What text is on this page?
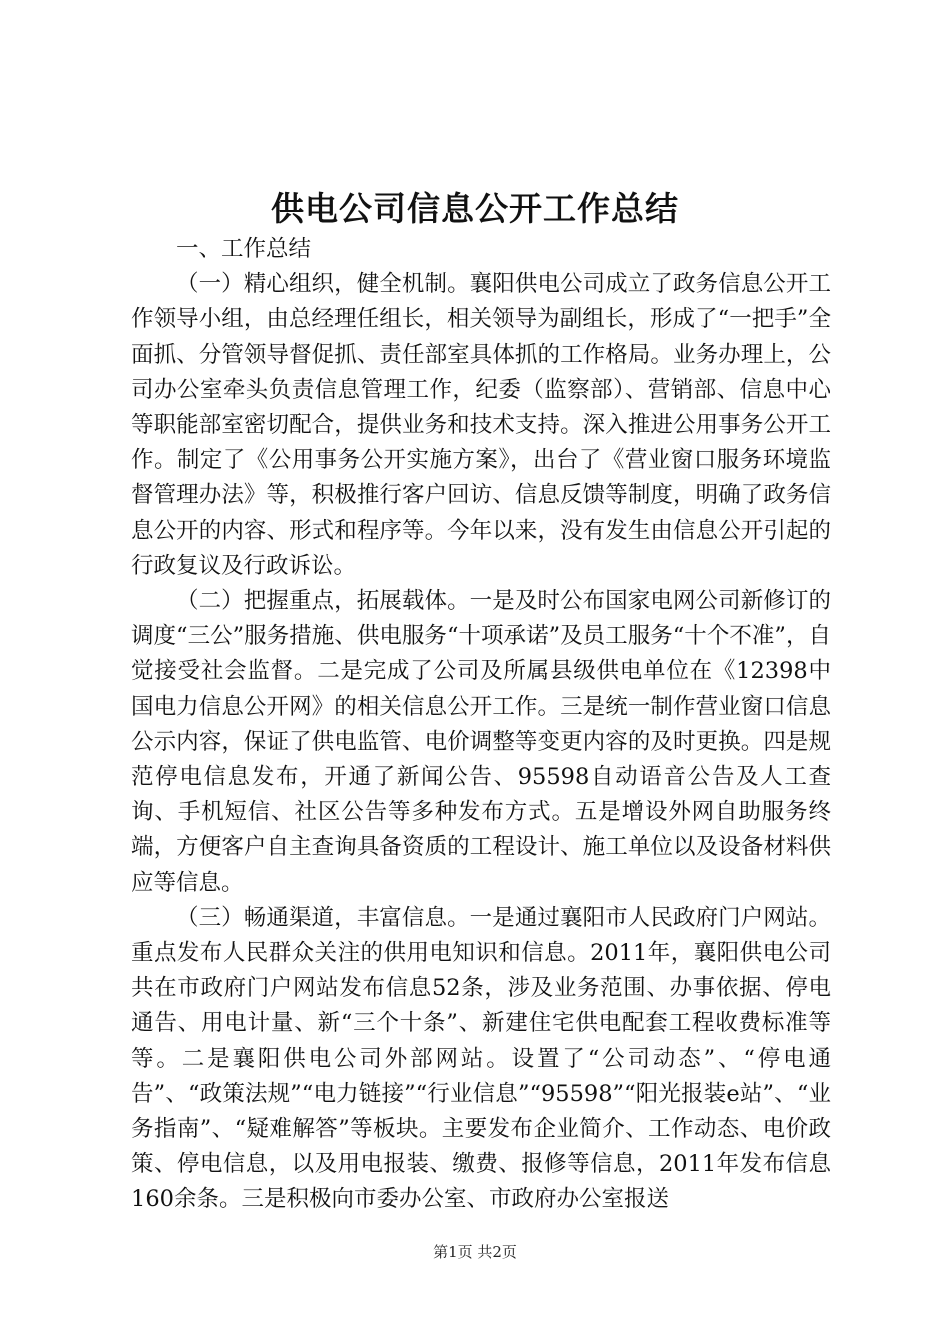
供电公司信息公开工作总结

一、工作总结

（一）精心组织，健全机制。襄阳供电公司成立了政务信息公开工作领导小组，由总经理任组长，相关领导为副组长，形成了“一把手”全面抓、分管领导督促抓、责任部室具体抓的工作格局。业务办理上，公司办公室牵头负责信息管理工作，纪委（监察部）、营销部、信息中心等职能部室密切配合，提供业务和技术支持。深入推进公用事务公开工作。制定了《公用事务公开实施方案》，出台了《营业窗口服务环境监督管理办法》等，积极推行客户回访、信息反馈等制度，明确了政务信息公开的内容、形式和程序等。今年以来，没有发生由信息公开引起的行政复议及行政诉讼。

（二）把握重点，拓展载体。一是及时公布国家电网公司新修订的调度“三公”服务措施、供电服务“十项承诺”及员工服务“十个不准”，自觉接受社会监督。二是完成了公司及所属县级供电单位在《12398中国电力信息公开网》的相关信息公开工作。三是统一制作营业窗口信息公示内容，保证了供电监管、电价调整等变更内容的及时更换。四是规范停电信息发布，开通了新闻公告、95598自动语音公告及人工查询、手机短信、社区公告等多种发布方式。五是增设外网自助服务终端，方便客户自主查询具备资质的工程设计、施工单位以及设备材料供应等信息。

（三）畅通渠道，丰富信息。一是通过襄阳市人民政府门户网站。重点发布人民群众关注的供用电知识和信息。2011年，襄阳供电公司共在市政府门户网站发布信息52条，涉及业务范围、办事依据、停电通告、用电计量、新“三个十条”、新建住宅供电配套工程收费标准等等。二是襄阳供电公司外部网站。设置了“公司动态”、“停电通告”、“政策法规”“电力链接”“行业信息”“95598”“阳光报装e站”、“业务指南”、“疑难解答”等板块。主要发布企业简介、工作动态、电价政策、停电信息，以及用电报装、缴费、报修等信息，2011年发布信息160余条。三是积极向市委办公室、市政府办公室报送

第1页 共2页
